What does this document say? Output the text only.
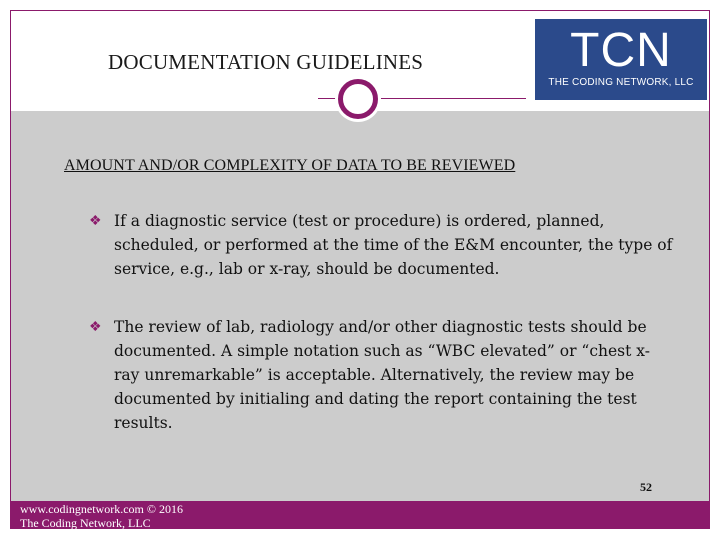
DOCUMENTATION GUIDELINES	TCN
THE CODING NETWORK, LLC
AMOUNT AND/OR COMPLEXITY OF DATA TO BE REVIEWED
❖ If a diagnostic service (test or procedure) is ordered, planned, scheduled, or performed at the time of the E&M encounter, the type of service, e.g., lab or x-ray, should be documented.
❖ The review of lab, radiology and/or other diagnostic tests should be documented. A simple notation such as “WBC elevated” or “chest x-ray unremarkable” is acceptable. Alternatively, the review may be documented by initialing and dating the report containing the test results.
52
www.codingnetwork.com © 2016
The Coding Network, LLC
